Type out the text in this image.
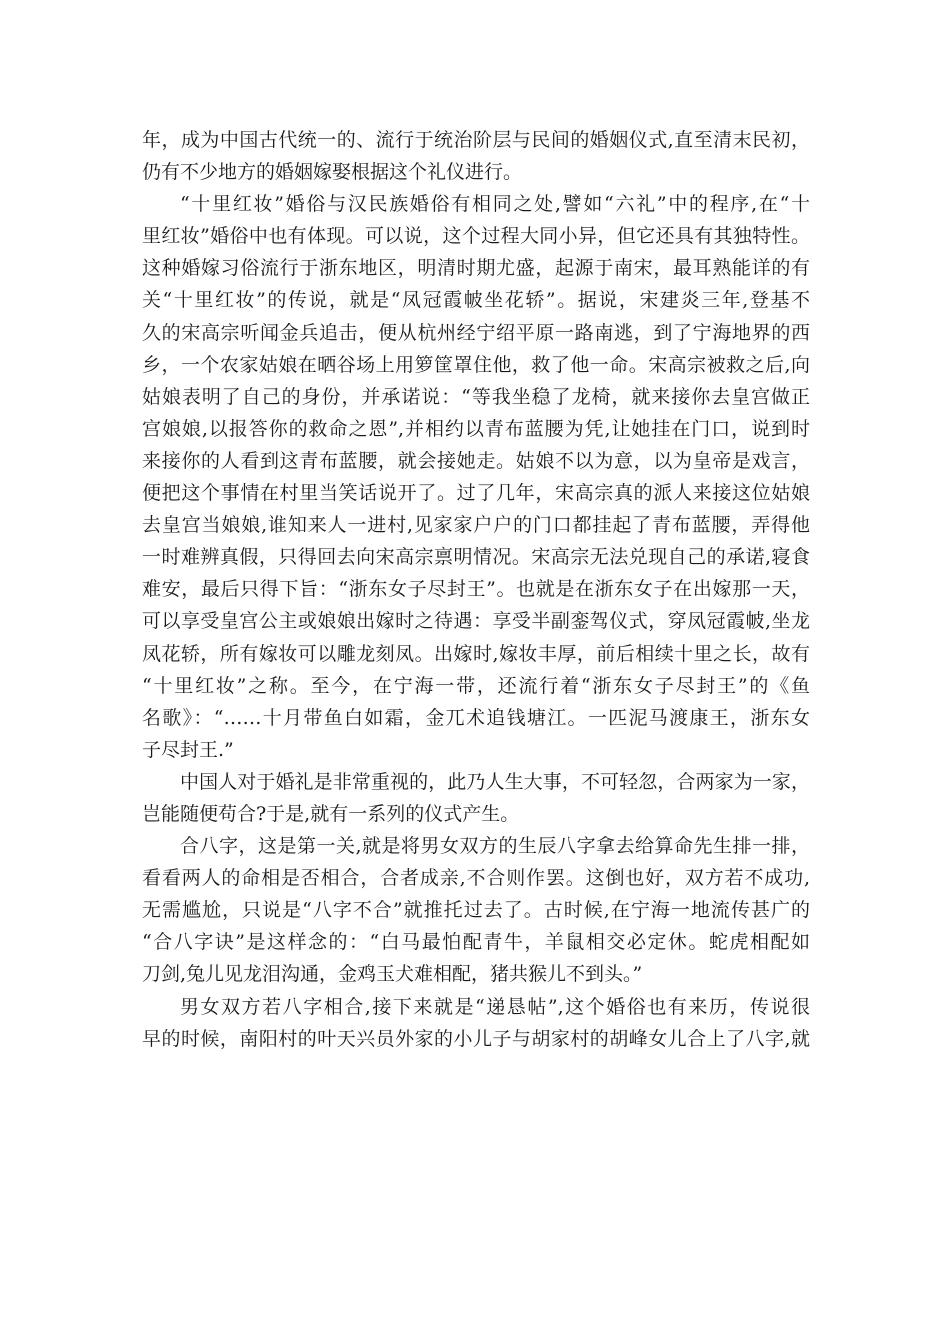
年，成为中国古代统一的、流行于统治阶层与民间的婚姻仪式,直至清末民初，
仍有不少地方的婚姻嫁娶根据这个礼仪进行。
“十里红妆”婚俗与汉民族婚俗有相同之处,譬如“六礼”中的程序,在“十
里红妆”婚俗中也有体现。可以说，这个过程大同小异，但它还具有其独特性。
这种婚嫁习俗流行于浙东地区，明清时期尤盛，起源于南宋，最耳熟能详的有
关“十里红妆”的传说，就是“凤冠霞帔坐花轿”。据说，宋建炎三年,登基不
久的宋高宗听闻金兵追击，便从杭州经宁绍平原一路南逃，到了宁海地界的西
乡，一个农家姑娘在晒谷场上用箩筐罩住他，救了他一命。宋高宗被救之后,向
姑娘表明了自己的身份，并承诺说：“等我坐稳了龙椅，就来接你去皇宫做正
宫娘娘,以报答你的救命之恩”,并相约以青布蓝腰为凭,让她挂在门口，说到时
来接你的人看到这青布蓝腰，就会接她走。姑娘不以为意，以为皇帝是戏言，
便把这个事情在村里当笑话说开了。过了几年，宋高宗真的派人来接这位姑娘
去皇宫当娘娘,谁知来人一进村,见家家户户的门口都挂起了青布蓝腰，弄得他
一时难辨真假，只得回去向宋高宗禀明情况。宋高宗无法兑现自己的承诺,寝食
难安，最后只得下旨：“浙东女子尽封王”。也就是在浙东女子在出嫁那一天，
可以享受皇宫公主或娘娘出嫁时之待遇：享受半副銮驾仪式，穿凤冠霞帔,坐龙
凤花轿，所有嫁妆可以雕龙刻凤。出嫁时,嫁妆丰厚，前后相续十里之长，故有
“十里红妆”之称。至今，在宁海一带，还流行着“浙东女子尽封王”的《鱼
名歌》：“……十月带鱼白如霜，金兀术追钱塘江。一匹泥马渡康王，浙东女
子尽封王.”
中国人对于婚礼是非常重视的，此乃人生大事，不可轻忽，合两家为一家，
岂能随便苟合?于是,就有一系列的仪式产生。
合八字，这是第一关,就是将男女双方的生辰八字拿去给算命先生排一排，
看看两人的命相是否相合，合者成亲,不合则作罢。这倒也好，双方若不成功,
无需尴尬，只说是“八字不合”就推托过去了。古时候,在宁海一地流传甚广的
“合八字诀”是这样念的：“白马最怕配青牛，羊鼠相交必定休。蛇虎相配如
刀剑,兔儿见龙泪沟通，金鸡玉犬难相配，猪共猴儿不到头。”
男女双方若八字相合,接下来就是“递恳帖”,这个婚俗也有来历，传说很
早的时候，南阳村的叶天兴员外家的小儿子与胡家村的胡峰女儿合上了八字,就
